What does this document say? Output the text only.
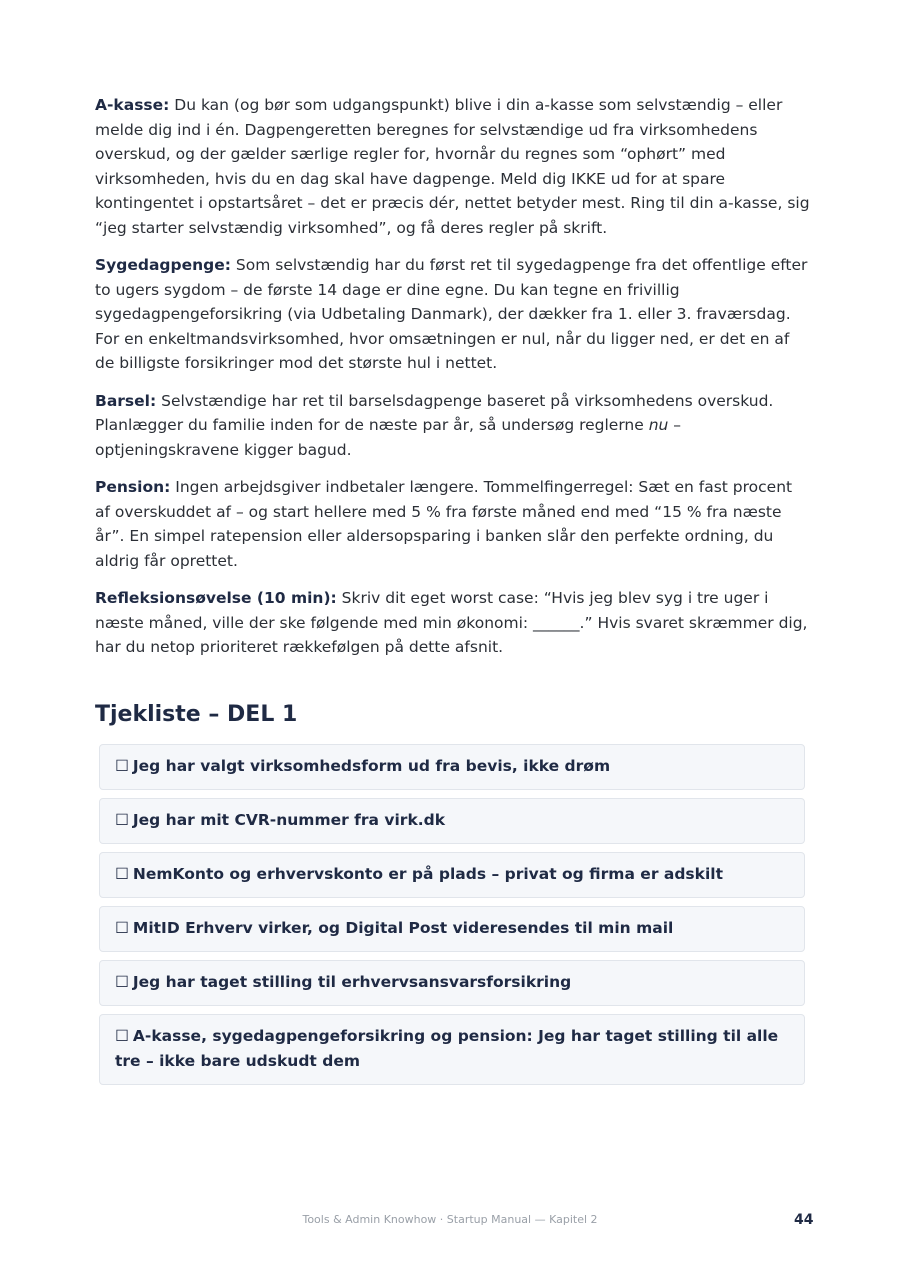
A-kasse: Du kan (og bør som udgangspunkt) blive i din a-kasse som selvstændig – eller melde dig ind i én. Dagpengeretten beregnes for selvstændige ud fra virksomhedens overskud, og der gælder særlige regler for, hvornår du regnes som “ophørt” med virksomheden, hvis du en dag skal have dagpenge. Meld dig IKKE ud for at spare kontingentet i opstartsåret – det er præcis dér, nettet betyder mest. Ring til din a-kasse, sig “jeg starter selvstændig virksomhed”, og få deres regler på skrift.

Sygedagpenge: Som selvstændig har du først ret til sygedagpenge fra det offentlige efter to ugers sygdom – de første 14 dage er dine egne. Du kan tegne en frivillig sygedagpengeforsikring (via Udbetaling Danmark), der dækker fra 1. eller 3. fraværsdag. For en enkeltmandsvirksomhed, hvor omsætningen er nul, når du ligger ned, er det en af de billigste forsikringer mod det største hul i nettet.

Barsel: Selvstændige har ret til barselsdagpenge baseret på virksomhedens overskud. Planlægger du familie inden for de næste par år, så undersøg reglerne nu – optjeningskravene kigger bagud.

Pension: Ingen arbejdsgiver indbetaler længere. Tommelfingerregel: Sæt en fast procent af overskuddet af – og start hellere med 5 % fra første måned end med “15 % fra næste år”. En simpel ratepension eller aldersopsparing i banken slår den perfekte ordning, du aldrig får oprettet.

Refleksionsøvelse (10 min): Skriv dit eget worst case: “Hvis jeg blev syg i tre uger i næste måned, ville der ske følgende med min økonomi: ______.” Hvis svaret skræmmer dig, har du netop prioriteret rækkefølgen på dette afsnit.

Tjekliste – DEL 1
☐ Jeg har valgt virksomhedsform ud fra bevis, ikke drøm
☐ Jeg har mit CVR-nummer fra virk.dk
☐ NemKonto og erhvervskonto er på plads – privat og firma er adskilt
☐ MitID Erhverv virker, og Digital Post videresendes til min mail
☐ Jeg har taget stilling til erhvervsansvarsforsikring
☐ A-kasse, sygedagpengeforsikring og pension: Jeg har taget stilling til alle tre – ikke bare udskudt dem
Tools & Admin Knowhow · Startup Manual — Kapitel 2	44
